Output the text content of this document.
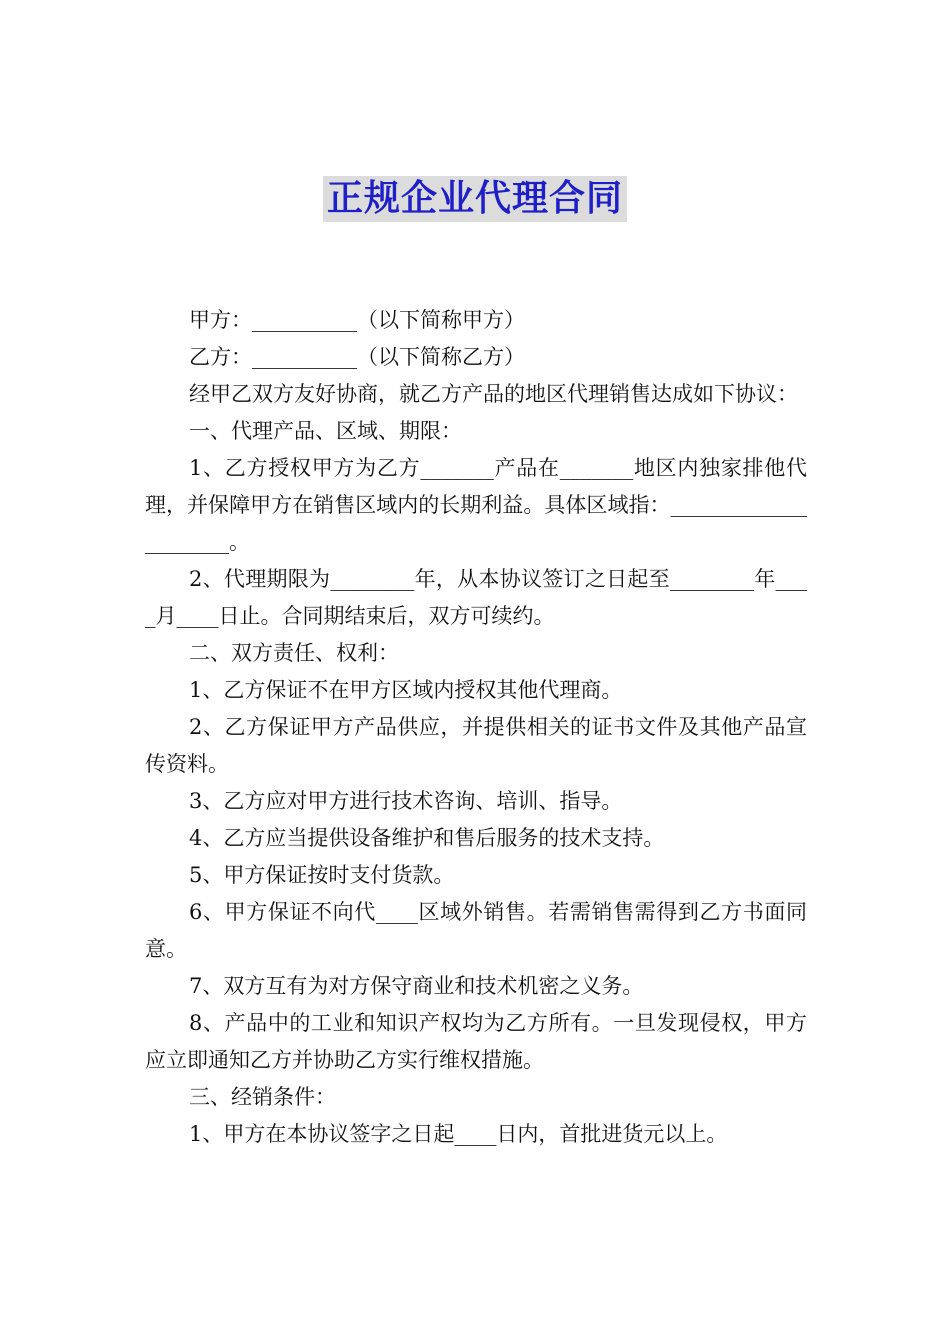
正规企业代理合同

甲方：__________（以下简称甲方）

乙方：__________（以下简称乙方）

经甲乙双方友好协商，就乙方产品的地区代理销售达成如下协议：

一、代理产品、区域、期限：

1、乙方授权甲方为乙方_______产品在_______地区内独家排他代理，并保障甲方在销售区域内的长期利益。具体区域指：_____________________。

2、代理期限为________年，从本协议签订之日起至________年____月____日止。合同期结束后，双方可续约。

二、双方责任、权利：

1、乙方保证不在甲方区域内授权其他代理商。

2、乙方保证甲方产品供应，并提供相关的证书文件及其他产品宣传资料。

3、乙方应对甲方进行技术咨询、培训、指导。

4、乙方应当提供设备维护和售后服务的技术支持。

5、甲方保证按时支付货款。

6、甲方保证不向代____区域外销售。若需销售需得到乙方书面同意。

7、双方互有为对方保守商业和技术机密之义务。

8、产品中的工业和知识产权均为乙方所有。一旦发现侵权，甲方应立即通知乙方并协助乙方实行维权措施。

三、经销条件：

1、甲方在本协议签字之日起____日内，首批进货元以上。
